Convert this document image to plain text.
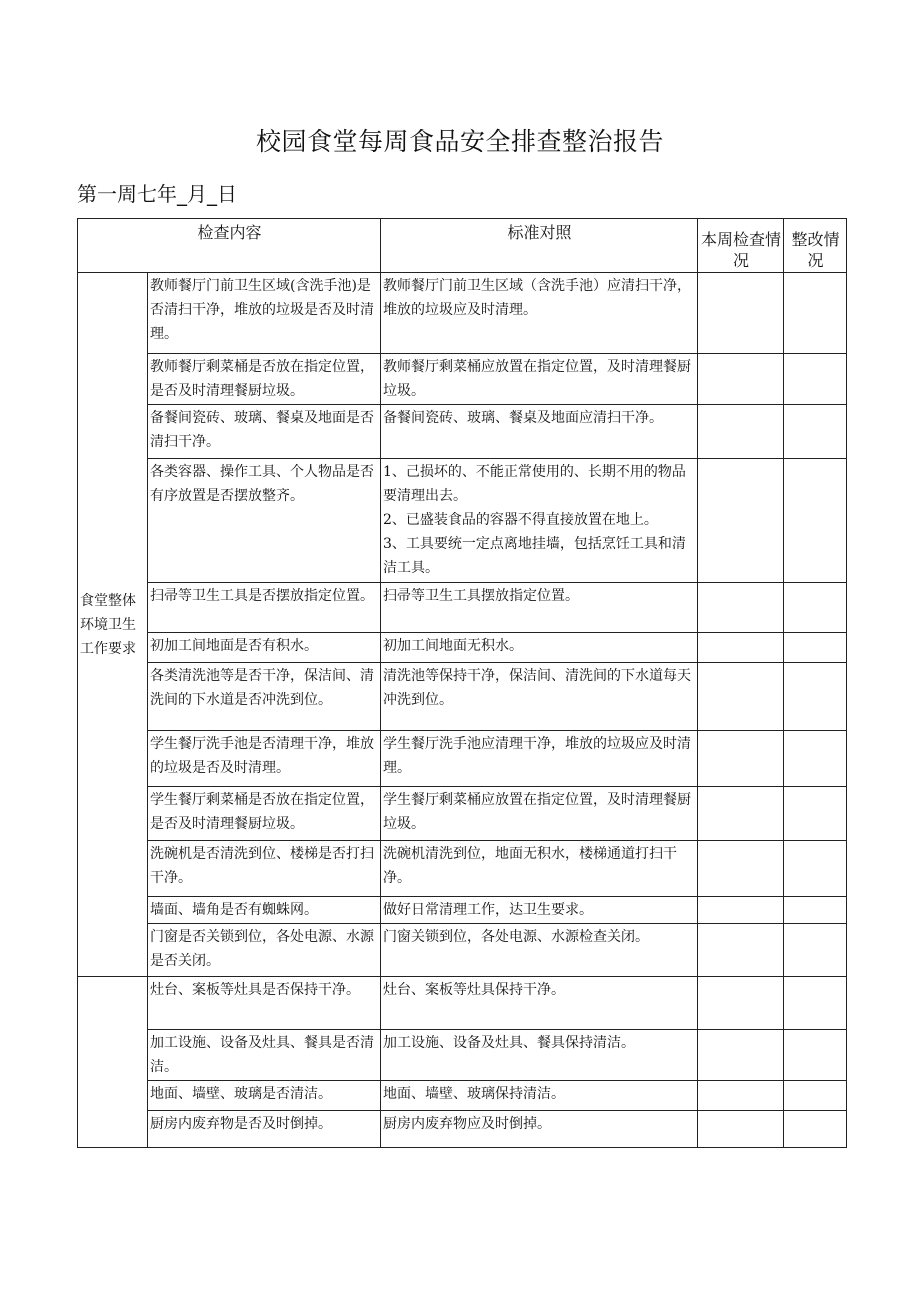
校园食堂每周食品安全排查整治报告
第一周七年_月_日
检查内容		标准对照	本周检查情况	整改情况
食堂整体环境卫生工作要求	教师餐厅门前卫生区域(含洗手池)是否清扫干净，堆放的垃圾是否及时清理。	教师餐厅门前卫生区域（含洗手池）应清扫干净，堆放的垃圾应及时清理。		

	教师餐厅剩菜桶是否放在指定位置，是否及时清理餐厨垃圾。	教师餐厅剩菜桶应放置在指定位置，及时清理餐厨垃圾。		

	备餐间瓷砖、玻璃、餐桌及地面是否清扫干净。	备餐间瓷砖、玻璃、餐桌及地面应清扫干净。		

	各类容器、操作工具、个人物品是否有序放置是否摆放整齐。	1、己损坏的、不能正常使用的、长期不用的物品要清理出去。
2、已盛装食品的容器不得直接放置在地上。
3、工具要统一定点离地挂墙，包括烹饪工具和清洁工具。		

	扫帚等卫生工具是否摆放指定位置。	扫帚等卫生工具摆放指定位置。		

	初加工间地面是否有积水。	初加工间地面无积水。		

	各类清洗池等是否干净，保洁间、清洗间的下水道是否冲洗到位。	清洗池等保持干净，保洁间、清洗间的下水道每天冲洗到位。		

	学生餐厅洗手池是否清理干净，堆放的垃圾是否及时清理。	学生餐厅洗手池应清理干净，堆放的垃圾应及时清理。		

	学生餐厅剩菜桶是否放在指定位置，是否及时清理餐厨垃圾。	学生餐厅剩菜桶应放置在指定位置，及时清理餐厨垃圾。		

	洗碗机是否清洗到位、楼梯是否打扫干净。	洗碗机清洗到位，地面无积水，楼梯通道打扫干净。		

	墙面、墙角是否有蜘蛛网。	做好日常清理工作，达卫生要求。		

	门窗是否关锁到位，各处电源、水源是否关闭。	门窗关锁到位，各处电源、水源检查关闭。		

	灶台、案板等灶具是否保持干净。	灶台、案板等灶具保持干净。		

	加工设施、设备及灶具、餐具是否清洁。	加工设施、设备及灶具、餐具保持清洁。		

	地面、墙壁、玻璃是否清洁。	地面、墙壁、玻璃保持清洁。		

	厨房内废弃物是否及时倒掉。	厨房内废弃物应及时倒掉。		
